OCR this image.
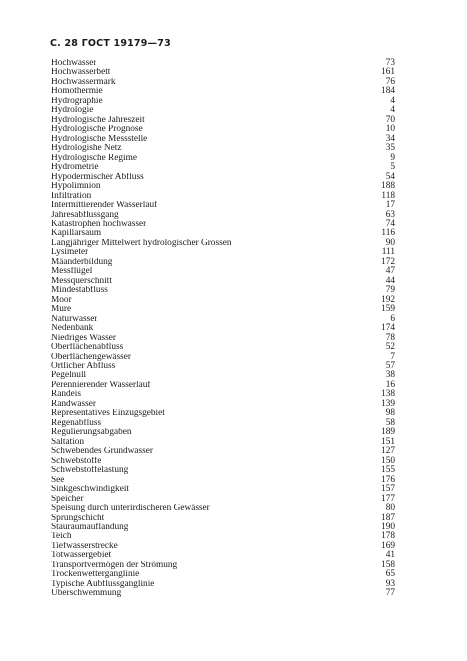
С. 28 ГОСТ 19179—73
Hochwasser	73
Hochwasserbett	161
Hochwassermark	76
Homothermie	184
Hydrographie	4
Hydrologie	4
Hydrologische Jahreszeit	70
Hydrologische Prognose	10
Hydrologische Messstelle	34
Hydrologishe Netz	35
Hydrologische Regime	9
Hydrometrie	5
Hypodermischer Abfluss	54
Hypolimnion	188
Infiltration	118
Intermittierender Wasserlauf	17
Jahresabflussgang	63
Katastrophen hochwasser	74
Kapillarsaum	116
Langjähriger Mittelwert hydrologischer Grossen	90
Lysimeter	111
Mäanderbildung	172
Messflügel	47
Messquerschnitt	44
Mindestabfluss	79
Moor	192
Mure	159
Naturwasser	6
Nedenbank	174
Niedriges Wasser	78
Oberflächenabfluss	52
Oberflächengewässer	7
Ortlicher Abfluss	57
Pegelnull	38
Perennierender Wasserlauf	16
Randeis	138
Randwasser	139
Representatives Einzugsgebiet	98
Regenabfluss	58
Regulierungsabgaben	189
Saltation	151
Schwebendes Grundwasser	127
Schwebstoffe	150
Schwebstoffelastung	155
See	176
Sinkgeschwindigkeit	157
Speicher	177
Speisung durch unterirdischeren Gewässer	80
Sprungschicht	187
Stauraumauflandung	190
Teich	178
Tiefwasserstrecke	169
Totwassergebiet	41
Transportvermögen der Strömung	158
Trockenwetterganglinie	65
Typische Aubflussganglinie	93
Überschwemmung	77
